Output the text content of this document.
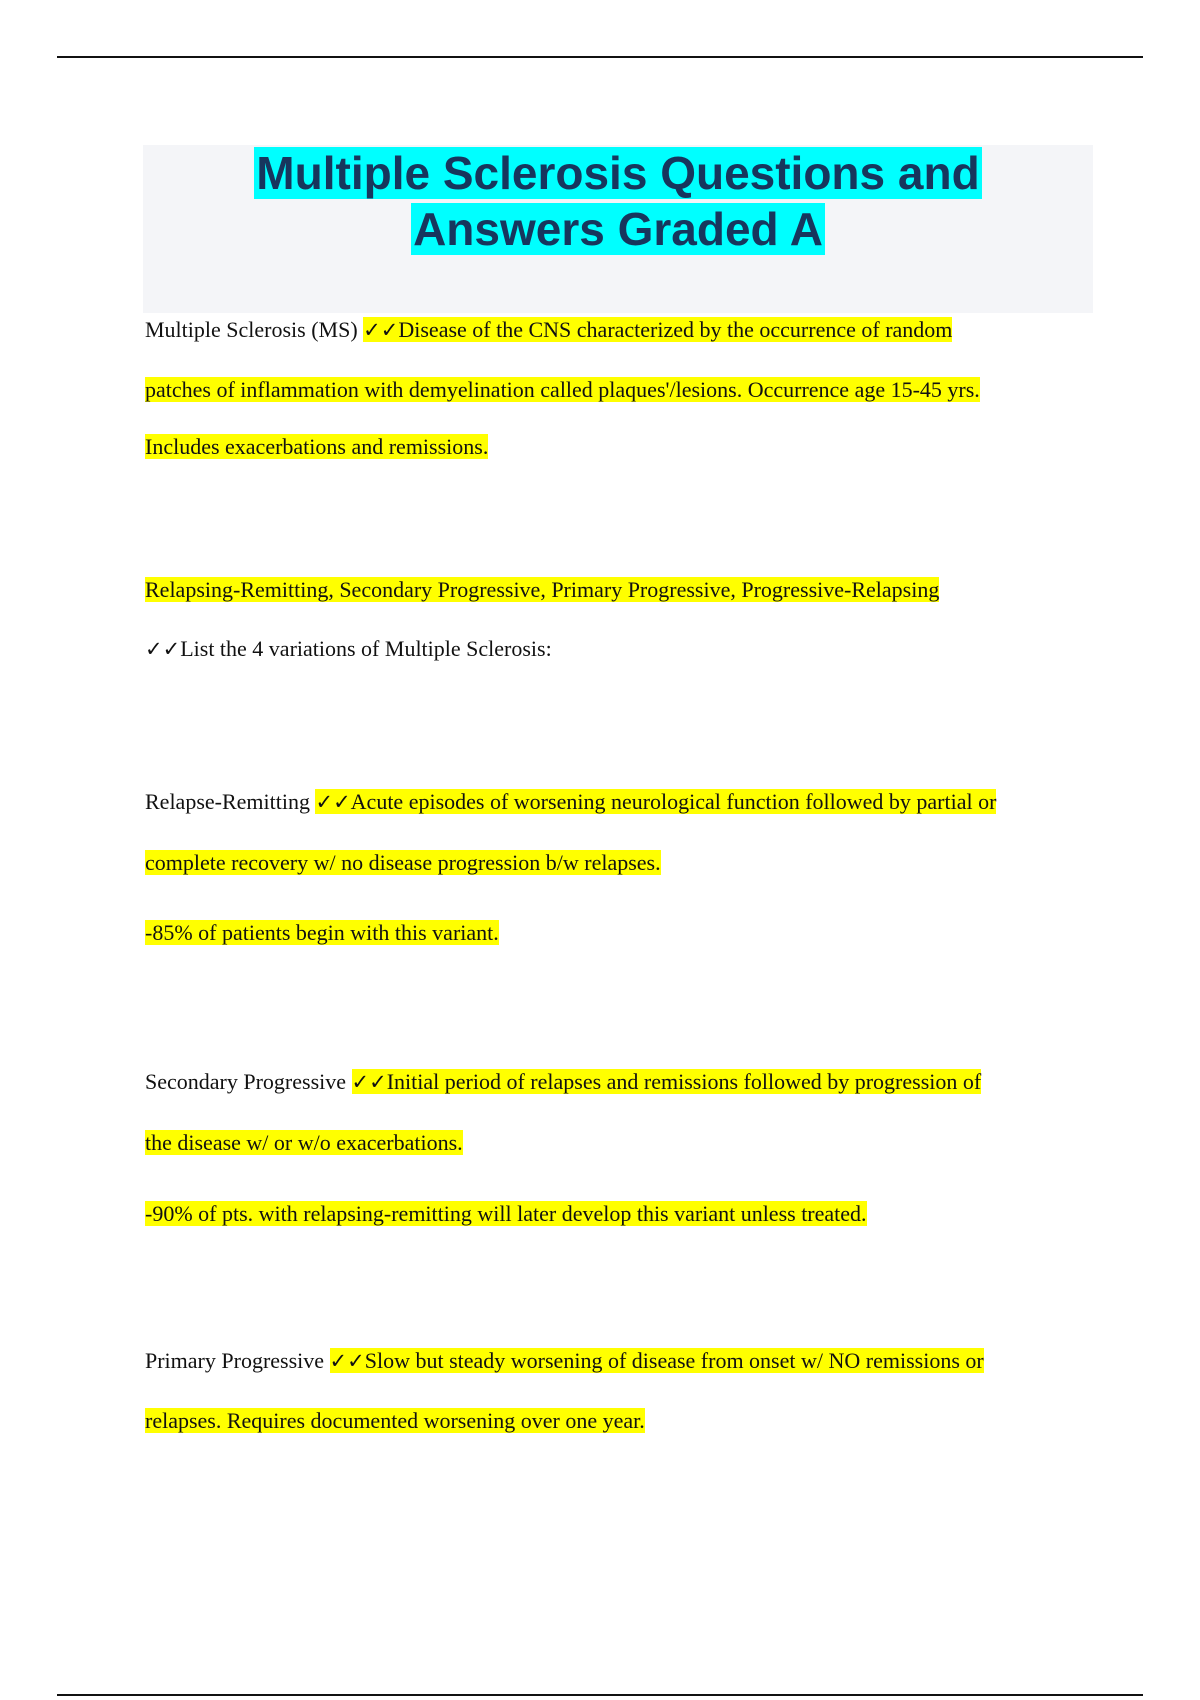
Multiple Sclerosis Questions and
Answers Graded A
Multiple Sclerosis (MS) ✓✓Disease of the CNS characterized by the occurrence of random
patches of inflammation with demyelination called plaques'/lesions. Occurrence age 15-45 yrs.
Includes exacerbations and remissions.
Relapsing-Remitting, Secondary Progressive, Primary Progressive, Progressive-Relapsing
✓✓List the 4 variations of Multiple Sclerosis:
Relapse-Remitting ✓✓Acute episodes of worsening neurological function followed by partial or
complete recovery w/ no disease progression b/w relapses.
-85% of patients begin with this variant.
Secondary Progressive ✓✓Initial period of relapses and remissions followed by progression of
the disease w/ or w/o exacerbations.
-90% of pts. with relapsing-remitting will later develop this variant unless treated.
Primary Progressive ✓✓Slow but steady worsening of disease from onset w/ NO remissions or
relapses. Requires documented worsening over one year.
